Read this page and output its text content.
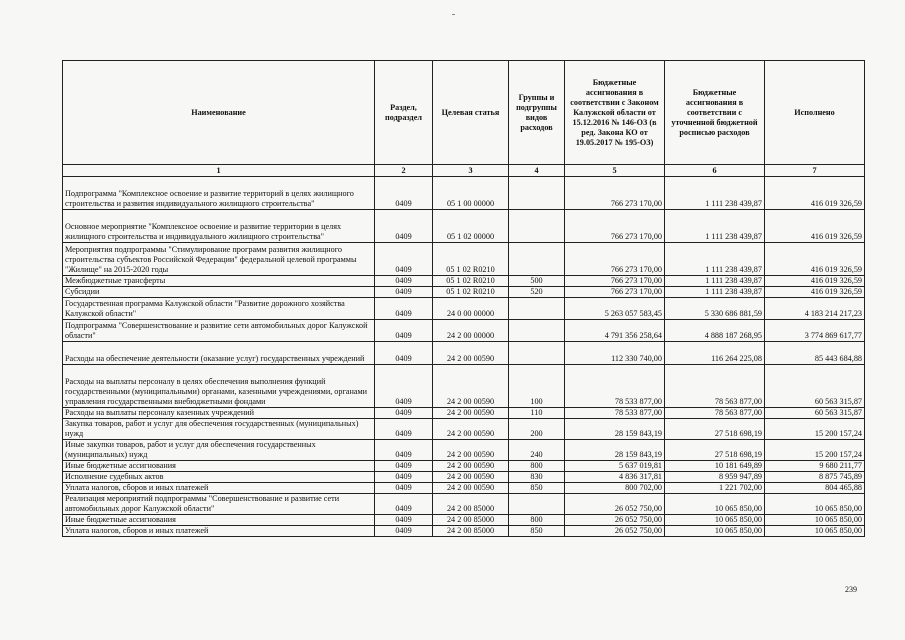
Наименование	Раздел, подраздел	Целевая статья	Группы и подгруппы видов расходов	Бюджетные ассигнования в соответствии с Законом Калужской области от 15.12.2016 № 146-ОЗ (в ред. Закона КО от 19.05.2017 № 195-ОЗ)	Бюджетные ассигнования в соответствии с уточненной бюджетной росписью расходов	Исполнено
1	2	3	4	5	6	7
Подпрограмма "Комплексное освоение и развитие территорий в целях жилищного строительства и развития индивидуального жилищного строительства"	0409	05 1 00 00000		766 273 170,00	1 111 238 439,87	416 019 326,59
Основное мероприятие "Комплексное освоение и развитие территории в целях жилищного строительства и индивидуального жилищного строительства"	0409	05 1 02 00000		766 273 170,00	1 111 238 439,87	416 019 326,59
Мероприятия подпрограммы "Стимулирование программ развития жилищного строительства субъектов Российской Федерации" федеральной целевой программы "Жилище" на 2015-2020 годы	0409	05 1 02 R0210		766 273 170,00	1 111 238 439,87	416 019 326,59
Межбюджетные трансферты	0409	05 1 02 R0210	500	766 273 170,00	1 111 238 439,87	416 019 326,59
Субсидии	0409	05 1 02 R0210	520	766 273 170,00	1 111 238 439,87	416 019 326,59
Государственная программа Калужской области "Развитие дорожного хозяйства Калужской области"	0409	24 0 00 00000		5 263 057 583,45	5 330 686 881,59	4 183 214 217,23
Подпрограмма "Совершенствование и развитие сети автомобильных дорог Калужской области"	0409	24 2 00 00000		4 791 356 258,64	4 888 187 268,95	3 774 869 617,77
Расходы на обеспечение деятельности (оказание услуг) государственных учреждений	0409	24 2 00 00590		112 330 740,00	116 264 225,08	85 443 684,88
Расходы на выплаты персоналу в целях обеспечения выполнения функций государственными (муниципальными) органами, казенными учреждениями, органами управления государственными внебюджетными фондами	0409	24 2 00 00590	100	78 533 877,00	78 563 877,00	60 563 315,87
Расходы на выплаты персоналу казенных учреждений	0409	24 2 00 00590	110	78 533 877,00	78 563 877,00	60 563 315,87
Закупка товаров, работ и услуг для обеспечения государственных (муниципальных) нужд	0409	24 2 00 00590	200	28 159 843,19	27 518 698,19	15 200 157,24
Иные закупки товаров, работ и услуг для обеспечения государственных (муниципальных) нужд	0409	24 2 00 00590	240	28 159 843,19	27 518 698,19	15 200 157,24
Иные бюджетные ассигнования	0409	24 2 00 00590	800	5 637 019,81	10 181 649,89	9 680 211,77
Исполнение судебных актов	0409	24 2 00 00590	830	4 836 317,81	8 959 947,89	8 875 745,89
Уплата налогов, сборов и иных платежей	0409	24 2 00 00590	850	800 702,00	1 221 702,00	804 465,88
Реализация мероприятий подпрограммы "Совершенствование и развитие сети автомобильных дорог Калужской области"	0409	24 2 00 85000		26 052 750,00	10 065 850,00	10 065 850,00
Иные бюджетные ассигнования	0409	24 2 00 85000	800	26 052 750,00	10 065 850,00	10 065 850,00
Уплата налогов, сборов и иных платежей	0409	24 2 00 85000	850	26 052 750,00	10 065 850,00	10 065 850,00
239
